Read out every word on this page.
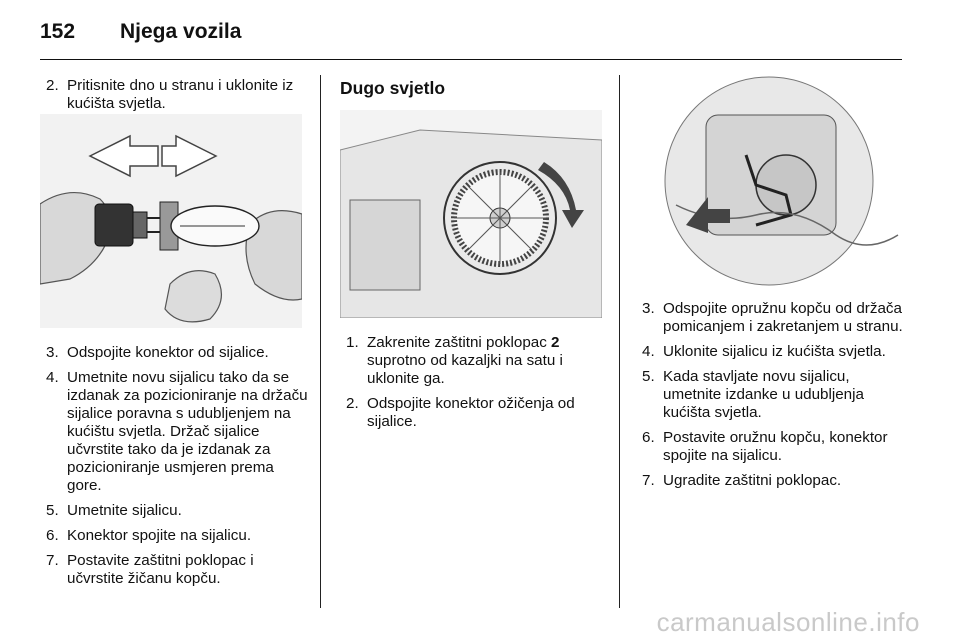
152 Njega vozila
2. Pritisnite dno u stranu i uklonite iz kućišta svjetla.
3. Odspojite konektor od sijalice.
4. Umetnite novu sijalicu tako da se izdanak za pozicioniranje na držaču sijalice poravna s udubljenjem na kućištu svjetla. Držač sijalice učvrstite tako da je izdanak za pozicioniranje usmjeren prema gore.
5. Umetnite sijalicu.
6. Konektor spojite na sijalicu.
7. Postavite zaštitni poklopac i učvrstite žičanu kopču.
Dugo svjetlo
1. Zakrenite zaštitni poklopac 2 suprotno od kazaljki na satu i uklonite ga.
2. Odspojite konektor ožičenja od sijalice.
3. Odspojite opružnu kopču od držača pomicanjem i zakretanjem u stranu.
4. Uklonite sijalicu iz kućišta svjetla.
5. Kada stavljate novu sijalicu, umetnite izdanke u udubljenja kućišta svjetla.
6. Postavite oružnu kopču, konektor spojite na sijalicu.
7. Ugradite zaštitni poklopac.
carmanualsonline.info
